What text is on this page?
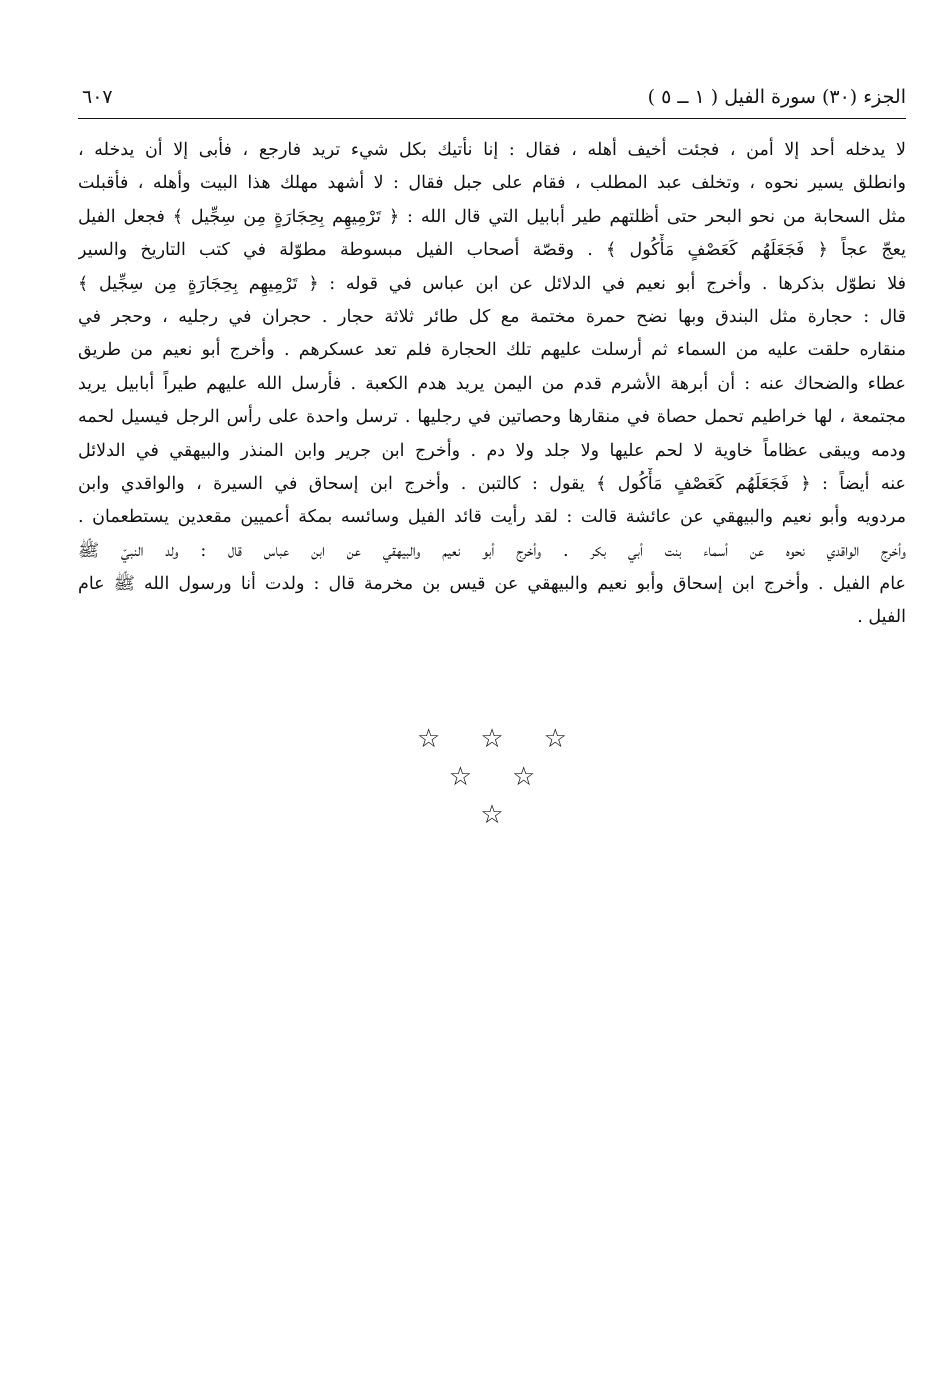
الجزء (٣٠) سورة الفيل ( ١ ــ ٥ )
٦٠٧
لا يدخله أحد إلا أمن ، فجئت أخيف أهله ، فقال : إنا نأتيك بكل شيء تريد فارجع ، فأبى إلا أن يدخله ،
وانطلق يسير نحوه ، وتخلف عبد المطلب ، فقام على جبل فقال : لا أشهد مهلك هذا البيت وأهله ، فأقبلت
مثل السحابة من نحو البحر حتى أظلتهم طير أبابيل التي قال الله : ﴿ تَرْمِيهِم بِحِجَارَةٍ مِن سِجِّيل ﴾ فجعل الفيل
يعجّ عجاً ﴿ فَجَعَلَهُم كَعَصْفٍ مَأْكُول ﴾ . وقصّة أصحاب الفيل مبسوطة مطوّلة في كتب التاريخ والسير
فلا نطوّل بذكرها . وأخرج أبو نعيم في الدلائل عن ابن عباس في قوله : ﴿ تَرْمِيهِم بِحِجَارَةٍ مِن سِجِّيل ﴾
قال : حجارة مثل البندق وبها نضح حمرة مختمة مع كل طائر ثلاثة حجار . حجران في رجليه ، وحجر في
منقاره حلقت عليه من السماء ثم أرسلت عليهم تلك الحجارة فلم تعد عسكرهم . وأخرج أبو نعيم من طريق
عطاء والضحاك عنه : أن أبرهة الأشرم قدم من اليمن يريد هدم الكعبة . فأرسل الله عليهم طيراً أبابيل يريد
مجتمعة ، لها خراطيم تحمل حصاة في منقارها وحصاتين في رجليها . ترسل واحدة على رأس الرجل فيسيل لحمه
ودمه ويبقى عظاماً خاوية لا لحم عليها ولا جلد ولا دم . وأخرج ابن جرير وابن المنذر والبيهقي في الدلائل
عنه أيضاً : ﴿ فَجَعَلَهُم كَعَصْفٍ مَأْكُول ﴾ يقول : كالتبن . وأخرج ابن إسحاق في السيرة ، والواقدي وابن
مردويه وأبو نعيم والبيهقي عن عائشة قالت : لقد رأيت قائد الفيل وسائسه بمكة أعميين مقعدين يستطعمان .
وأخرج الواقدي نحوه عن أسماء بنت أبي بكر . وأخرج أبو نعيم والبيهقي عن ابن عباس قال : ولد النبيّ ﷺ
عام الفيل . وأخرج ابن إسحاق وأبو نعيم والبيهقي عن قيس بن مخرمة قال : ولدت أنا ورسول الله ﷺ عام
الفيل .
☆ ☆ ☆
☆ ☆
☆
